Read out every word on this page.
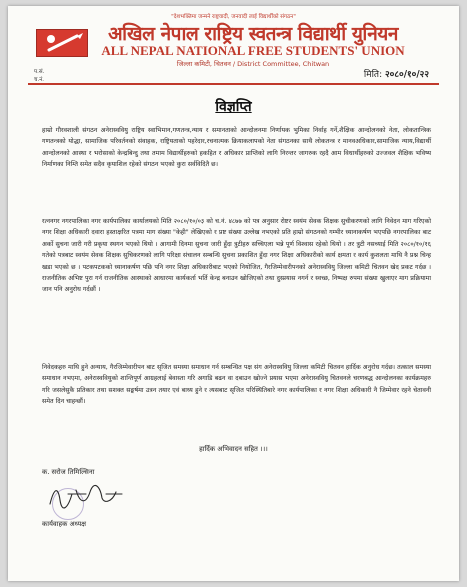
"देशभक्तिमा जन्मने राष्ट्रवादी, जनवादी लाई विद्यार्थीको संगठन"
अखिल नेपाल राष्ट्रिय स्वतन्त्र विद्यार्थी युनियन
ALL NEPAL NATIONAL FREE STUDENTS' UNION
जिल्ला कमिटी, चितवन / District Committee, Chitwan
प.सं.
च.नं.	मिति: २०८०/१०/२२
विज्ञप्ति
हाम्रो गौरवशाली संगठन अनेरास्ववियु राष्ट्रिय स्वाभिमान,गणतन्त्र,न्याय र समानताको आन्दोलनमा निर्णायक भुमिका निर्वाह गर्ने,शैक्षिक आन्दोलनको नेता, लोकतान्त्रिक गणतन्त्रको योद्धा, सामाजिक परिवर्तनको संवाहक, राष्ट्रियताको पहरेदार,रचनात्मक क्रियाकलापको नेता संगठनका साथै लोकतन्त्र र मानवअधिकार,सामाजिक न्याय,विद्यार्थी आन्दोलनको आस्था र भरोसाको केन्द्रबिन्दु तथा तमाम विद्यार्थीहरुको हकहित र अधिकार प्राप्तिको लागि निरन्तर जागरुक रहदै आम विधार्थीहरुको उज्जवल शैक्षिक भविष्य निर्माणका निम्ति समेत सदैव कृयाशिल रहेको संगठन भएको कुरा सर्वविदितै छ।
रत्ननगर नगरपालिका नगर कार्यपालिका कार्यालयको मिति २०८०/१०/०३ को च.नं. ४८७७ को पत्र अनुसार रोष्टर स्वयंम सेवक शिक्षक सुचीकरणको लागि निवेदन माग गरिएको नगर शिक्षा अधिकारी दवारा हस्ताक्षरित पत्रमा माग संख्या "केही" लेखिएको र प्रष्ट संख्या उल्लेख नभएको प्रति हाम्रो संगठनको गम्भीर ध्यानाकर्षण भएपछि नगरपालिका बाट अर्को सुचना जारी गरी प्रकृया स्थगन भएको थियो । आगामी दिनमा सुचना जारी हुँदा त्रुटीहरु सच्चिएला भन्ने पूर्ण विश्वास रहेको थियो । तर त्रुटी नसच्याई मिति २०८०/१०/१६ गतेको पत्रबाट स्वयंम सेवक शिक्षक सुचिकरणको लागि परिक्षा संचालन सम्बन्धि सुचना प्रकाशित हुँदा नगर शिक्षा अधिकारीको कार्य क्षमता र कार्य कुशलता माथि नै प्रश्न चिन्ह खडा भएको छ । पटकपटकको ध्यानाकर्षण पछि पनि नगर शिक्षा अधिकारीबाट भएको नियोजित, गैरजिम्मेवारीपनको अनेरास्ववियु जिल्ला कमिटी चितवन खेद प्रकट गर्दछ । राजनीतिक अभिष्ट पुरा गर्न राजनीतिक आस्थाको आधारमा कार्यकर्ता भर्ति केन्द्र बनाउन खोजिएको तथा दुस्प्रयास नगर्न र स्वच्छ, निष्पक्ष रुपमा संख्या खुलाएर माग प्रक्रियामा जान पनि अनुरोध गर्दछौं ।
निवेदकहरु माथि हुने अन्याय, गैरजिम्मेवारीपन बाट सृजित समस्या समाधान गर्न सम्बन्धित पक्ष संग अनेरास्ववियु जिल्ला कमिटी चितवन हार्दिक अनुरोध गर्दछ। तत्काल समस्या समाधान नभएमा, अनेरास्ववियुको शान्तिपूर्ण आग्रहलाई बेवास्ता गरि अगाडि बढन वा दबाउन खोज्ने प्रयास भएमा अनेरास्ववियु चितवनले चरणबद्ध आन्दोलनका कार्यक्रमहरु गरि जसलेसुकै प्रतिकार तथा सशक्त सङ्घर्षमा उत्रन तयार एवं बाध्य हुने र त्यसबाट सृजित परिस्थितिबारे नगर कार्यपालिका र नगर शिक्षा अधिकारी नै जिम्मेवार रहने चेतावनी समेत दिन चाहन्छौं।
हार्दिक अभिवादन सहित ।।।
क. सरोज तिमिल्सिना
कार्यवाहक अध्यक्ष
